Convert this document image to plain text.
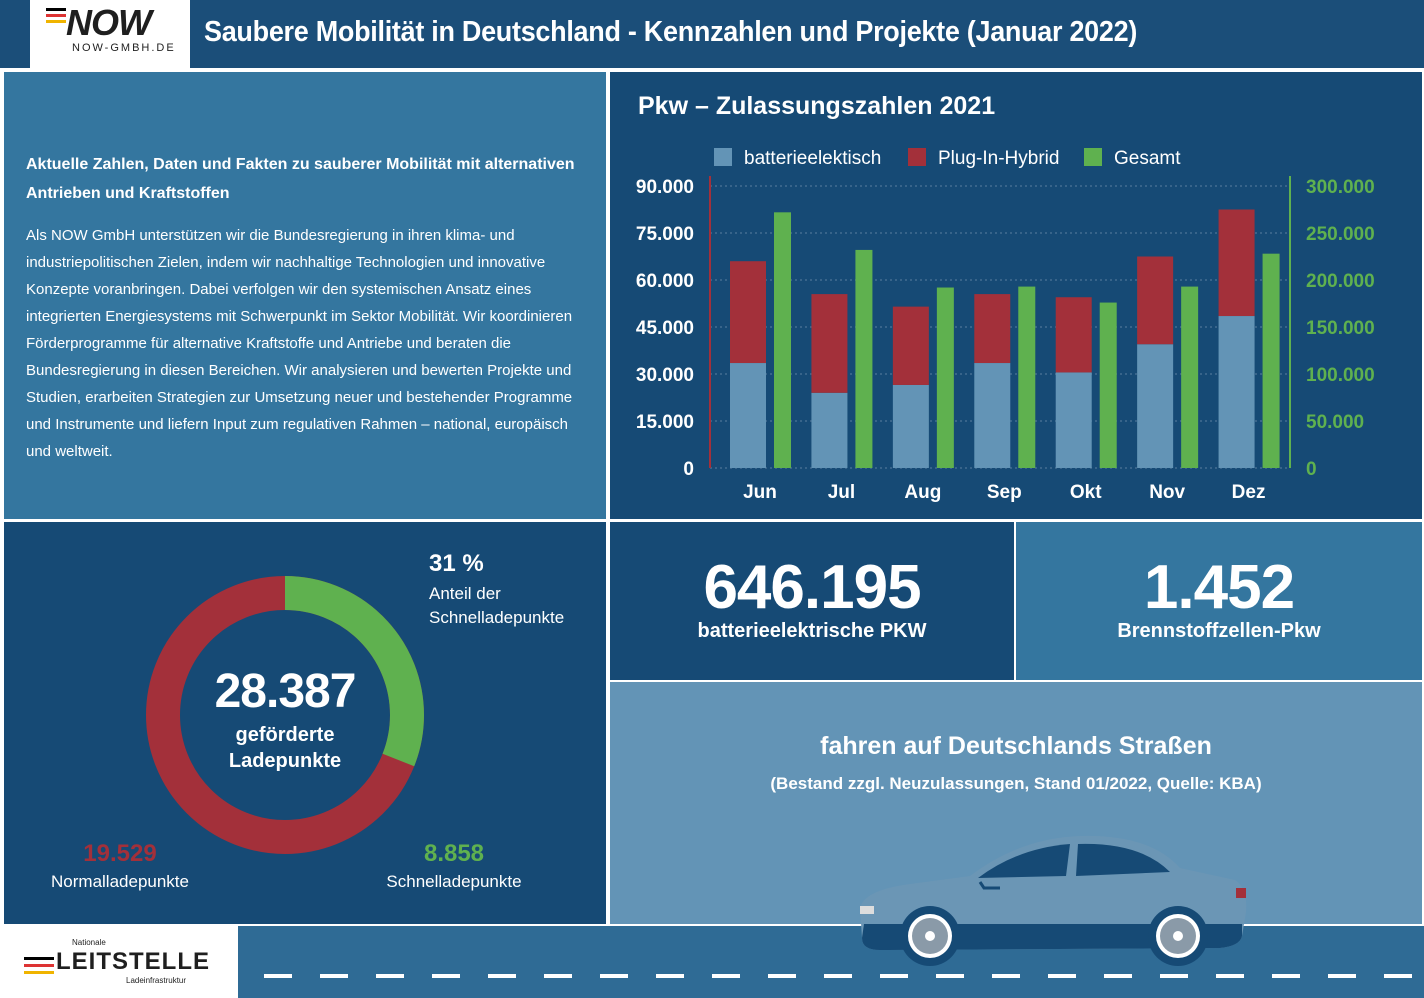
NOW
NOW-GMBH.DE Saubere Mobilität in Deutschland - Kennzahlen und Projekte (Januar 2022)
Aktuelle Zahlen, Daten und Fakten zu sauberer Mobilität mit alternativen Antrieben und Kraftstoffen
Als NOW GmbH unterstützen wir die Bundesregierung in ihren klima- und industriepolitischen Zielen, indem wir nachhaltige Technologien und innovative Konzepte voranbringen. Dabei verfolgen wir den systemischen Ansatz eines integrierten Energiesystems mit Schwerpunkt im Sektor Mobilität. Wir koordinieren Förderprogramme für alternative Kraftstoffe und Antriebe und beraten die Bundesregierung in diesen Bereichen. Wir analysieren und bewerten Projekte und Studien, erarbeiten Strategien zur Umsetzung neuer und bestehender Programme und Instrumente und liefern Input zum regulativen Rahmen – national, europäisch und weltweit.
Pkw – Zulassungszahlen 2021
0
15.000
30.000
45.000
60.000
75.000
90.000
0
50.000
100.000
150.000
200.000
250.000
300.000
Jun	Jul	Aug Sep	Okt	Nov Dez
batterieelektisch	Plug-In-Hybrid	Gesamt
28.387
geförderte
Ladepunkte
31 %
Anteil der
Schnelladepunkte
19.529
Normalladepunkte
8.858
Schnelladepunkte
646.195
batterieelektrische PKW
1.452
Brennstoffzellen-Pkw
fahren auf Deutschlands Straßen
(Bestand zzgl. Neuzulassungen, Stand 01/2022, Quelle: KBA)
Nationale
LEITSTELLE
Ladeinfrastruktur
